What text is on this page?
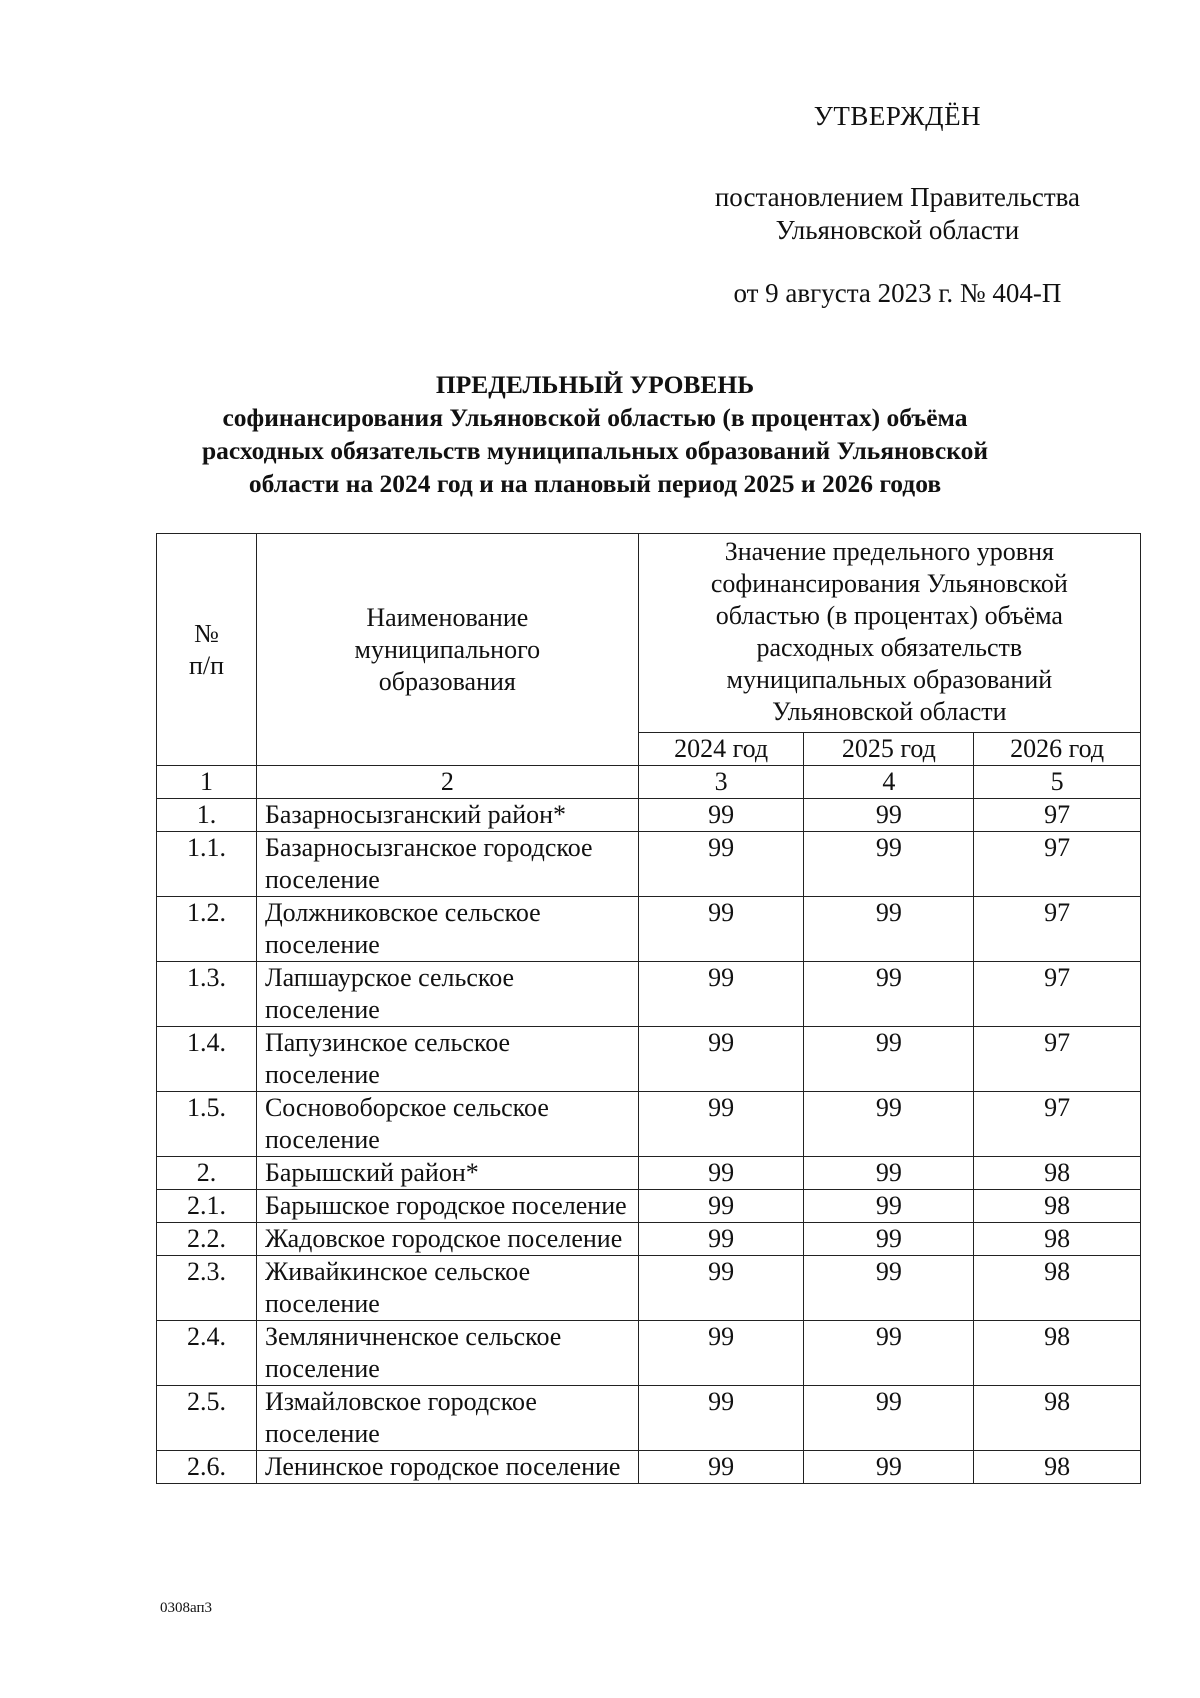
УТВЕРЖДЁН
постановлением Правительства
Ульяновской области
от 9 августа 2023 г. № 404-П
ПРЕДЕЛЬНЫЙ УРОВЕНЬ
софинансирования Ульяновской областью (в процентах) объёма
расходных обязательств муниципальных образований Ульяновской
области на 2024 год и на плановый период 2025 и 2026 годов
№ п/п	Наименование муниципального образования	Значение предельного уровня софинансирования Ульяновской областью (в процентах) объёма расходных обязательств муниципальных образований Ульяновской области		
		2024 год	2025 год	2026 год
1	2	3	4	5
1.	Базарносызганский район*	99	99	97
1.1.	Базарносызганское городское поселение	99	99	97
1.2.	Должниковское сельское поселение	99	99	97
1.3.	Лапшаурское сельское поселение	99	99	97
1.4.	Папузинское сельское поселение	99	99	97
1.5.	Сосновоборское сельское поселение	99	99	97
2.	Барышский район*	99	99	98
2.1.	Барышское городское поселение	99	99	98
2.2.	Жадовское городское поселение	99	99	98
2.3.	Живайкинское сельское поселение	99	99	98
2.4.	Земляничненское сельское поселение	99	99	98
2.5.	Измайловское городское поселение	99	99	98
2.6.	Ленинское городское поселение	99	99	98
0308ап3
